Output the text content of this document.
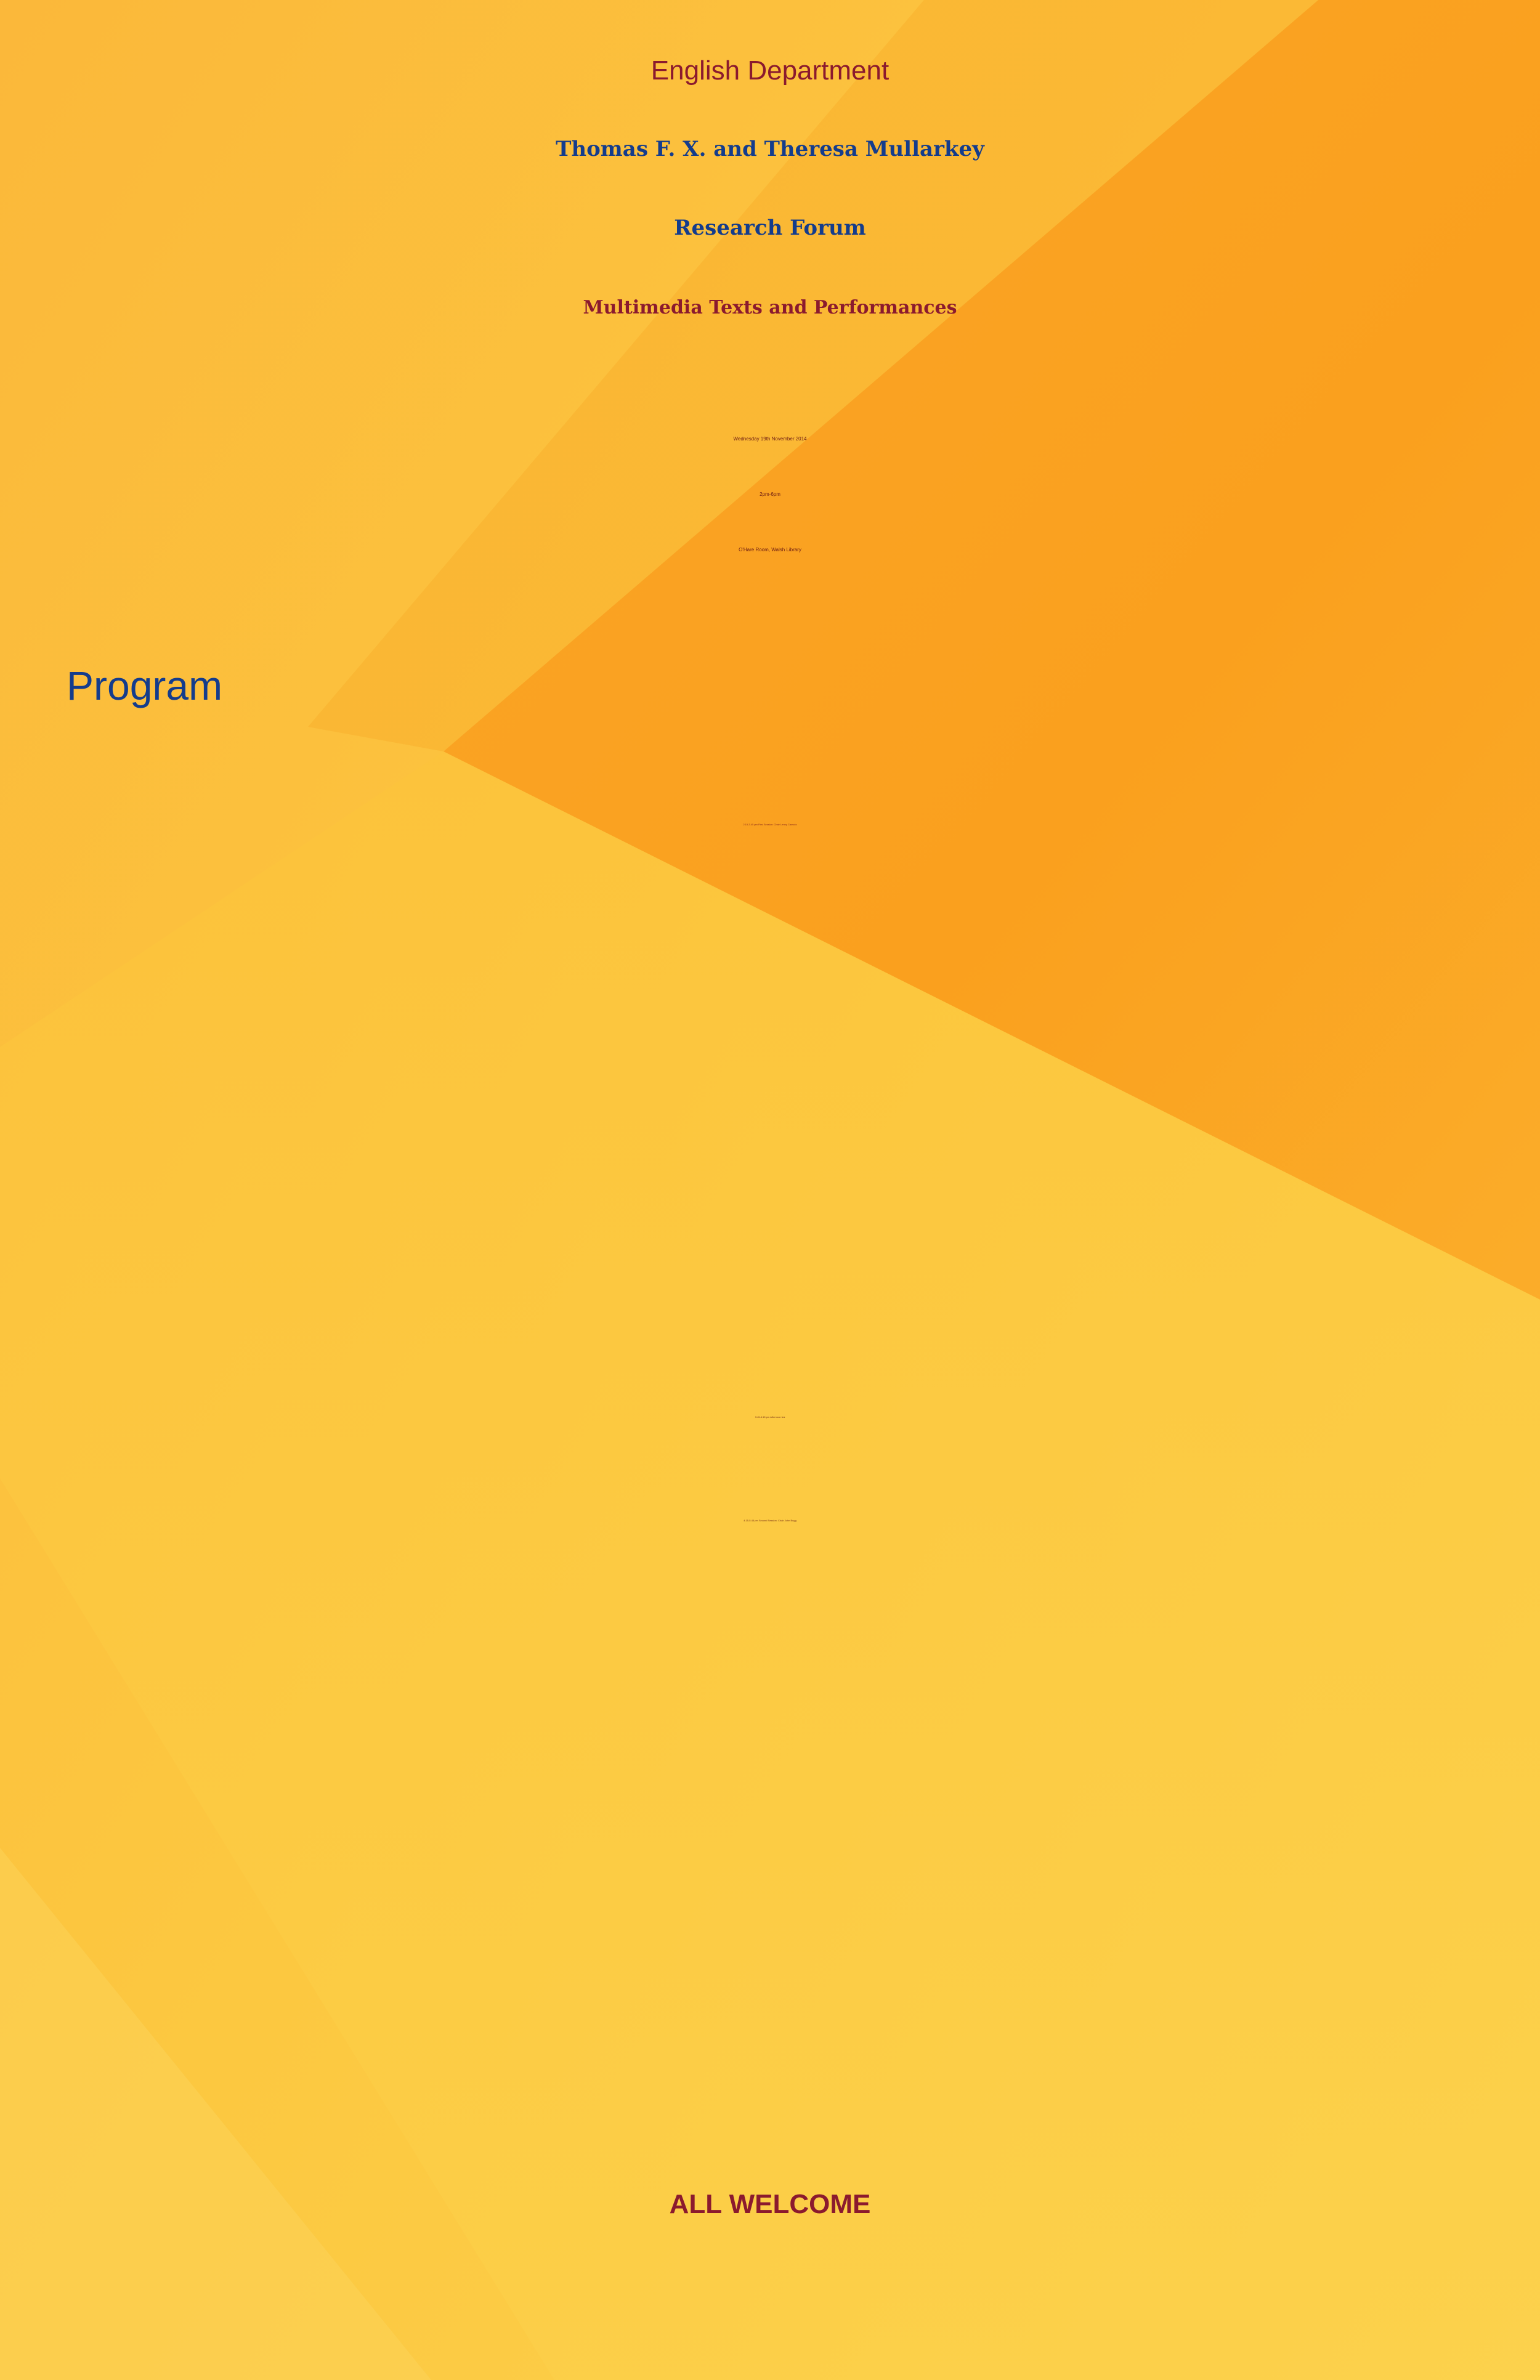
English Department
Thomas F. X. and Theresa Mullarkey
Research Forum
Multimedia Texts and Performances
Wednesday 19th November 2014
2pm-6pm
O'Hare Room, Walsh Library
Program
2.15-3.45 pm First Session: Chair Lenny Cassuto
3:45-4:15 pm Afternoon tea
4.15-5.45 pm Second Session: Chair John Bugg
ALL WELCOME
